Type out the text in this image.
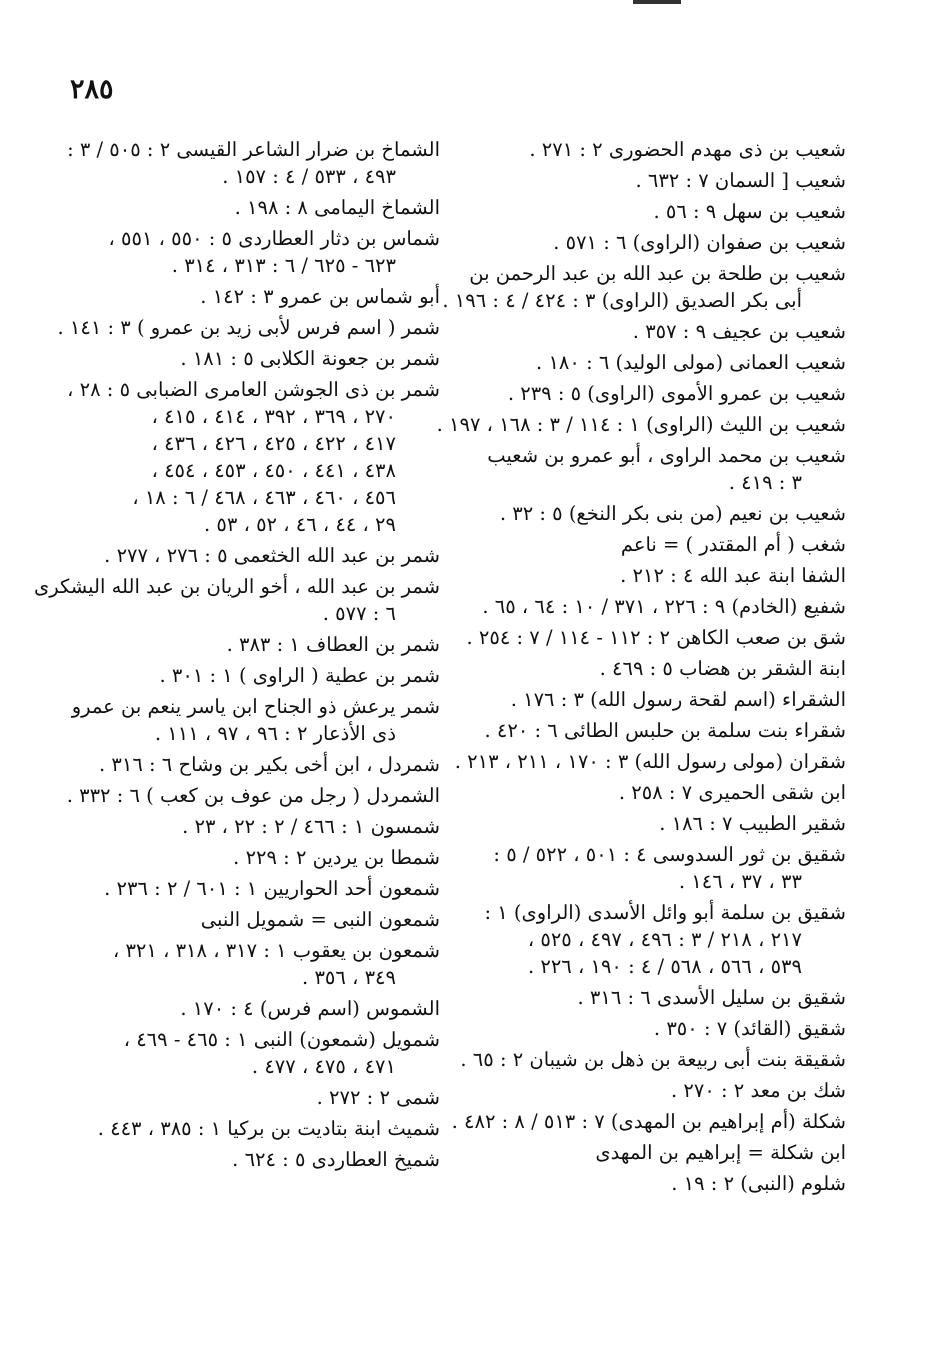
٢٨٥
شعيب بن ذى مهدم الحضورى ٢ : ٢٧١ .
شعيب [ السمان ٧ : ٦٣٢ .
شعيب بن سهل ٩ : ٥٦ .
شعيب بن صفوان (الراوى) ٦ : ٥٧١ .
شعيب بن طلحة بن عبد الله بن عبد الرحمن بن
أبى بكر الصديق (الراوى) ٣ : ٤٢٤ / ٤ : ١٩٦ .
شعيب بن عجيف ٩ : ٣٥٧ .
شعيب العمانى (مولى الوليد) ٦ : ١٨٠ .
شعيب بن عمرو الأموى (الراوى) ٥ : ٢٣٩ .
شعيب بن الليث (الراوى) ١ : ١١٤ / ٣ : ١٦٨ ، ١٩٧ .
شعيب بن محمد الراوى ، أبو عمرو بن شعيب
٣ : ٤١٩ .
شعيب بن نعيم (من بنى بكر النخع) ٥ : ٣٢ .
شغب ( أم المقتدر ) = ناعم
الشفا ابنة عبد الله ٤ : ٢١٢ .
شفيع (الخادم) ٩ : ٢٢٦ ، ٣٧١ / ١٠ : ٦٤ ، ٦٥ .
شق بن صعب الكاهن ٢ : ١١٢ - ١١٤ / ٧ : ٢٥٤ .
ابنة الشقر بن هضاب ٥ : ٤٦٩ .
الشقراء (اسم لقحة رسول الله) ٣ : ١٧٦ .
شقراء بنت سلمة بن حلبس الطائى ٦ : ٤٢٠ .
شقران (مولى رسول الله) ٣ : ١٧٠ ، ٢١١ ، ٢١٣ .
ابن شقى الحميرى ٧ : ٢٥٨ .
شقير الطبيب ٧ : ١٨٦ .
شقيق بن ثور السدوسى ٤ : ٥٠١ ، ٥٢٢ / ٥ :
٣٣ ، ٣٧ ، ١٤٦ .
شقيق بن سلمة أبو وائل الأسدى (الراوى) ١ :
٢١٧ ، ٢١٨ / ٣ : ٤٩٦ ، ٤٩٧ ، ٥٢٥ ،
٥٣٩ ، ٥٦٦ ، ٥٦٨ / ٤ : ١٩٠ ، ٢٢٦ .
شقيق بن سليل الأسدى ٦ : ٣١٦ .
شقيق (القائد) ٧ : ٣٥٠ .
شقيقة بنت أبى ربيعة بن ذهل بن شيبان ٢ : ٦٥ .
شك بن معد ٢ : ٢٧٠ .
شكلة (أم إبراهيم بن المهدى) ٧ : ٥١٣ / ٨ : ٤٨٢ .
ابن شكلة = إبراهيم بن المهدى
شلوم (النبى) ٢ : ١٩ .
الشماخ بن ضرار الشاعر القيسى ٢ : ٥٠٥ / ٣ :
٤٩٣ ، ٥٣٣ / ٤ : ١٥٧ .
الشماخ اليمامى ٨ : ١٩٨ .
شماس بن دثار العطاردى ٥ : ٥٥٠ ، ٥٥١ ،
٦٢٣ - ٦٢٥ / ٦ : ٣١٣ ، ٣١٤ .
أبو شماس بن عمرو ٣ : ١٤٢ .
شمر ( اسم فرس لأبى زيد بن عمرو ) ٣ : ١٤١ .
شمر بن جعونة الكلابى ٥ : ١٨١ .
شمر بن ذى الجوشن العامرى الضبابى ٥ : ٢٨ ،
٢٧٠ ، ٣٦٩ ، ٣٩٢ ، ٤١٤ ، ٤١٥ ،
٤١٧ ، ٤٢٢ ، ٤٢٥ ، ٤٢٦ ، ٤٣٦ ،
٤٣٨ ، ٤٤١ ، ٤٥٠ ، ٤٥٣ ، ٤٥٤ ،
٤٥٦ ، ٤٦٠ ، ٤٦٣ ، ٤٦٨ / ٦ : ١٨ ،
٢٩ ، ٤٤ ، ٤٦ ، ٥٢ ، ٥٣ .
شمر بن عبد الله الخثعمى ٥ : ٢٧٦ ، ٢٧٧ .
شمر بن عبد الله ، أخو الريان بن عبد الله اليشكرى
٦ : ٥٧٧ .
شمر بن العطاف ١ : ٣٨٣ .
شمر بن عطية ( الراوى ) ١ : ٣٠١ .
شمر يرعش ذو الجناح ابن ياسر ينعم بن عمرو
ذى الأذعار ٢ : ٩٦ ، ٩٧ ، ١١١ .
شمردل ، ابن أخى بكير بن وشاح ٦ : ٣١٦ .
الشمردل ( رجل من عوف بن كعب ) ٦ : ٣٣٢ .
شمسون ١ : ٤٦٦ / ٢ : ٢٢ ، ٢٣ .
شمطا بن يردين ٢ : ٢٢٩ .
شمعون أحد الحواريين ١ : ٦٠١ / ٢ : ٢٣٦ .
شمعون النبى = شمويل النبى
شمعون بن يعقوب ١ : ٣١٧ ، ٣١٨ ، ٣٢١ ،
٣٤٩ ، ٣٥٦ .
الشموس (اسم فرس) ٤ : ١٧٠ .
شمويل (شمعون) النبى ١ : ٤٦٥ - ٤٦٩ ،
٤٧١ ، ٤٧٥ ، ٤٧٧ .
شمى ٢ : ٢٧٢ .
شميث ابنة بتاديت بن بركيا ١ : ٣٨٥ ، ٤٤٣ .
شميخ العطاردى ٥ : ٦٢٤ .
